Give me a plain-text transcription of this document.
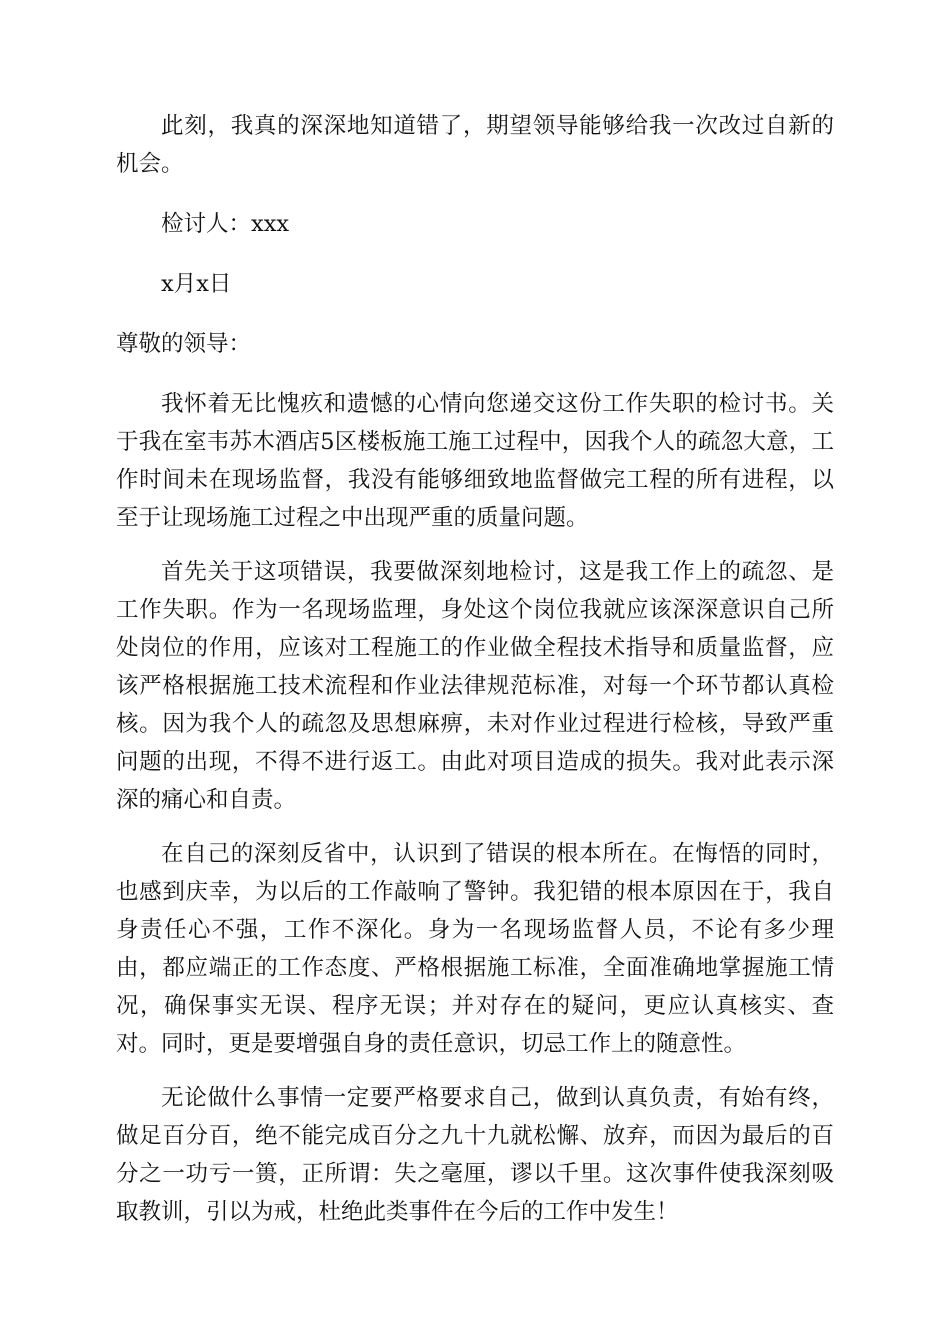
此刻，我真的深深地知道错了，期望领导能够给我一次改过自新的机会。

检讨人：xxx

x月x日

尊敬的领导：

我怀着无比愧疚和遗憾的心情向您递交这份工作失职的检讨书。关于我在室韦苏木酒店5区楼板施工施工过程中，因我个人的疏忽大意，工作时间未在现场监督，我没有能够细致地监督做完工程的所有进程，以至于让现场施工过程之中出现严重的质量问题。

首先关于这项错误，我要做深刻地检讨，这是我工作上的疏忽、是工作失职。作为一名现场监理，身处这个岗位我就应该深深意识自己所处岗位的作用，应该对工程施工的作业做全程技术指导和质量监督，应该严格根据施工技术流程和作业法律规范标准，对每一个环节都认真检核。因为我个人的疏忽及思想麻痹，未对作业过程进行检核，导致严重问题的出现，不得不进行返工。由此对项目造成的损失。我对此表示深深的痛心和自责。

在自己的深刻反省中，认识到了错误的根本所在。在悔悟的同时，也感到庆幸，为以后的工作敲响了警钟。我犯错的根本原因在于，我自身责任心不强，工作不深化。身为一名现场监督人员，不论有多少理由，都应端正的工作态度、严格根据施工标准，全面准确地掌握施工情况，确保事实无误、程序无误；并对存在的疑问，更应认真核实、查对。同时，更是要增强自身的责任意识，切忌工作上的随意性。

无论做什么事情一定要严格要求自己，做到认真负责，有始有终，做足百分百，绝不能完成百分之九十九就松懈、放弃，而因为最后的百分之一功亏一篑，正所谓：失之毫厘，谬以千里。这次事件使我深刻吸取教训，引以为戒，杜绝此类事件在今后的工作中发生！
